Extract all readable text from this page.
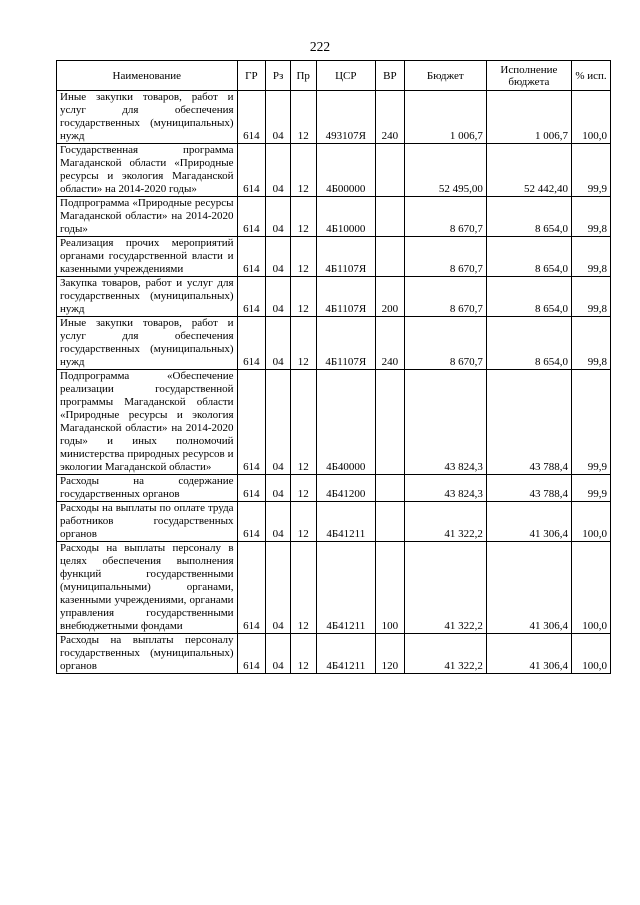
222
Наименование	ГР	Рз	Пр	ЦСР	ВР	Бюджет	Исполнение бюджета	% исп.
Иные закупки товаров, работ и услуг для обеспечения государственных (муниципальных) нужд	614	04	12	493107Я	240	1 006,7	1 006,7	100,0
Государственная программа Магаданской области «Природные ресурсы и экология Магаданской области» на 2014-2020 годы»	614	04	12	4Б00000		52 495,00	52 442,40	99,9
Подпрограмма «Природные ресурсы Магаданской области» на 2014-2020 годы»	614	04	12	4Б10000		8 670,7	8 654,0	99,8
Реализация прочих мероприятий органами государственной власти и казенными учреждениями	614	04	12	4Б1107Я		8 670,7	8 654,0	99,8
Закупка товаров, работ и услуг для государственных (муниципальных) нужд	614	04	12	4Б1107Я	200	8 670,7	8 654,0	99,8
Иные закупки товаров, работ и услуг для обеспечения государственных (муниципальных) нужд	614	04	12	4Б1107Я	240	8 670,7	8 654,0	99,8
Подпрограмма «Обеспечение реализации государственной программы Магаданской области «Природные ресурсы и экология Магаданской области» на 2014-2020 годы» и иных полномочий министерства природных ресурсов и экологии Магаданской области»	614	04	12	4Б40000		43 824,3	43 788,4	99,9
Расходы на содержание государственных органов	614	04	12	4Б41200		43 824,3	43 788,4	99,9
Расходы на выплаты по оплате труда работников государственных органов	614	04	12	4Б41211		41 322,2	41 306,4	100,0
Расходы на выплаты персоналу в целях обеспечения выполнения функций государственными (муниципальными) органами, казенными учреждениями, органами управления государственными внебюджетными фондами	614	04	12	4Б41211	100	41 322,2	41 306,4	100,0
Расходы на выплаты персоналу государственных (муниципальных) органов	614	04	12	4Б41211	120	41 322,2	41 306,4	100,0
